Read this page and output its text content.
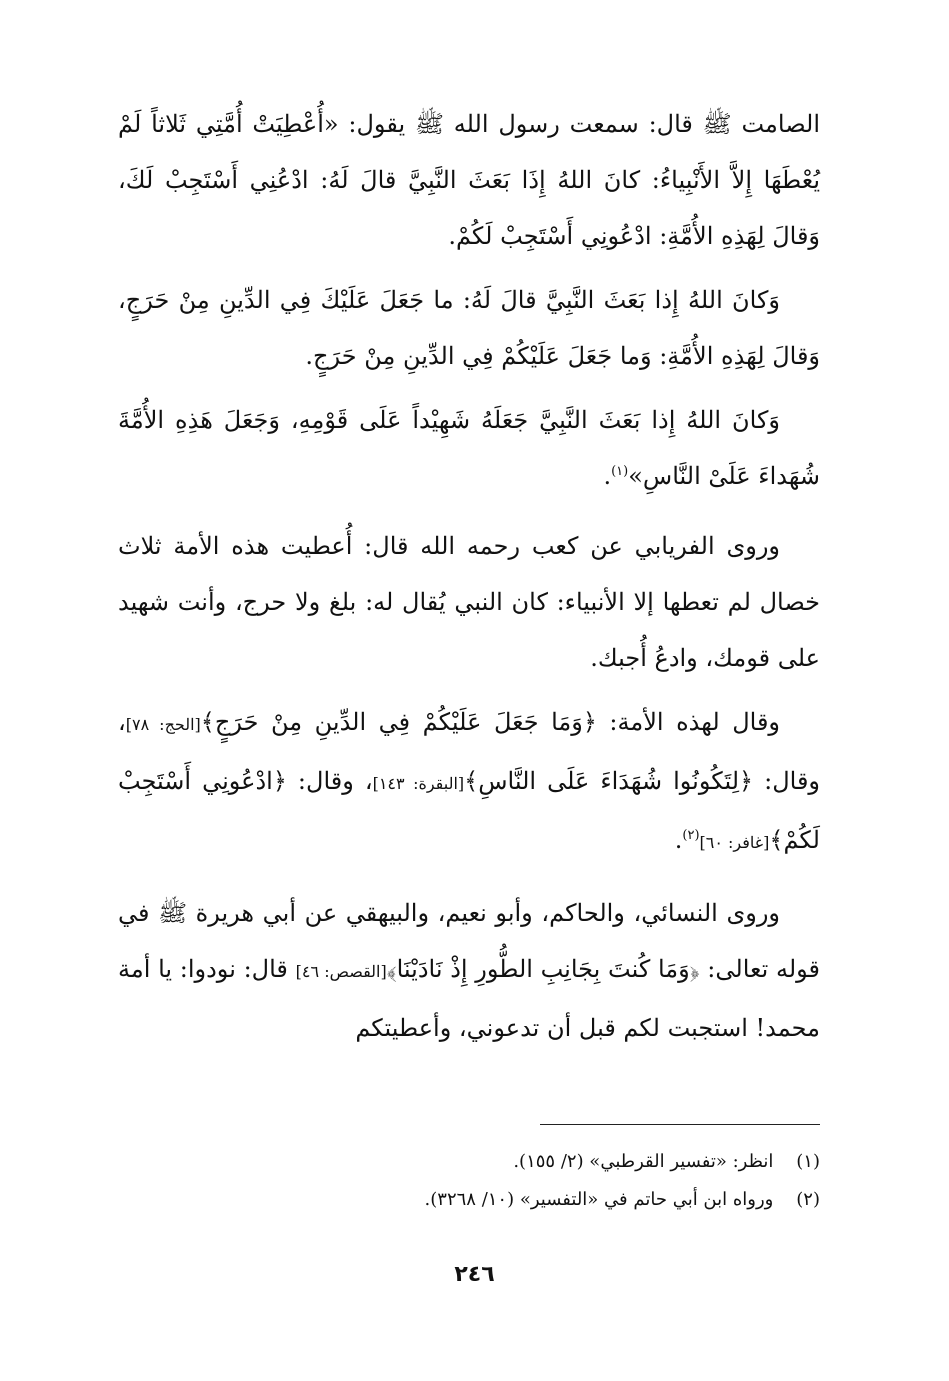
الصامت ﷺ قال: سمعت رسول الله ﷺ يقول: «أُعْطِيَتْ أُمَّتِي ثَلاثاً لَمْ يُعْطَهَا إِلاَّ الأَنْبِياءُ: كانَ اللهُ إِذَا بَعَثَ النَّبِيَّ قالَ لَهُ: ادْعُنِي أَسْتَجِبْ لَكَ، وَقالَ لِهَذِهِ الأُمَّةِ: ادْعُونِي أَسْتَجِبْ لَكُمْ.

وَكانَ اللهُ إِذا بَعَثَ النَّبِيَّ قالَ لَهُ: ما جَعَلَ عَلَيْكَ فِي الدِّينِ مِنْ حَرَجٍ، وَقالَ لِهَذِهِ الأُمَّةِ: وَما جَعَلَ عَلَيْكُمْ فِي الدِّينِ مِنْ حَرَجٍ.

وَكانَ اللهُ إِذا بَعَثَ النَّبِيَّ جَعَلَهُ شَهِيْداً عَلَى قَوْمِهِ، وَجَعَلَ هَذِهِ الأُمَّةَ شُهَداءَ عَلَىْ النَّاسِ»$^{(١)}$.

وروى الفريابي عن كعب رحمه الله قال: أُعطيت هذه الأمة ثلاث خصال لم تعطها إلا الأنبياء: كان النبي يُقال له: بلغ ولا حرج، وأنت شهيد على قومك، وادعُ أُجبك.

وقال لهذه الأمة: ﴿وَمَا جَعَلَ عَلَيْكُمْ فِي الدِّينِ مِنْ حَرَجٍ﴾[الحج: ٧٨]، وقال: ﴿لِتَكُونُوا شُهَدَاءَ عَلَى النَّاسِ﴾[البقرة: ١٤٣]، وقال: ﴿ادْعُونِي أَسْتَجِبْ لَكُمْ﴾[غافر: ٦٠]$^{(٢)}$.

وروى النسائي، والحاكم، وأبو نعيم، والبيهقي عن أبي هريرة ﷺ في قوله تعالى: ﴿وَمَا كُنتَ بِجَانِبِ الطُّورِ إِذْ نَادَيْنَا﴾[القصص: ٤٦] قال: نودوا: يا أمة محمد! استجبت لكم قبل أن تدعوني، وأعطيتكم

(١)    انظر: «تفسير القرطبي» (٢/ ١٥٥).

(٢)    ورواه ابن أبي حاتم في «التفسير» (١٠/ ٣٢٦٨).

٢٤٦
